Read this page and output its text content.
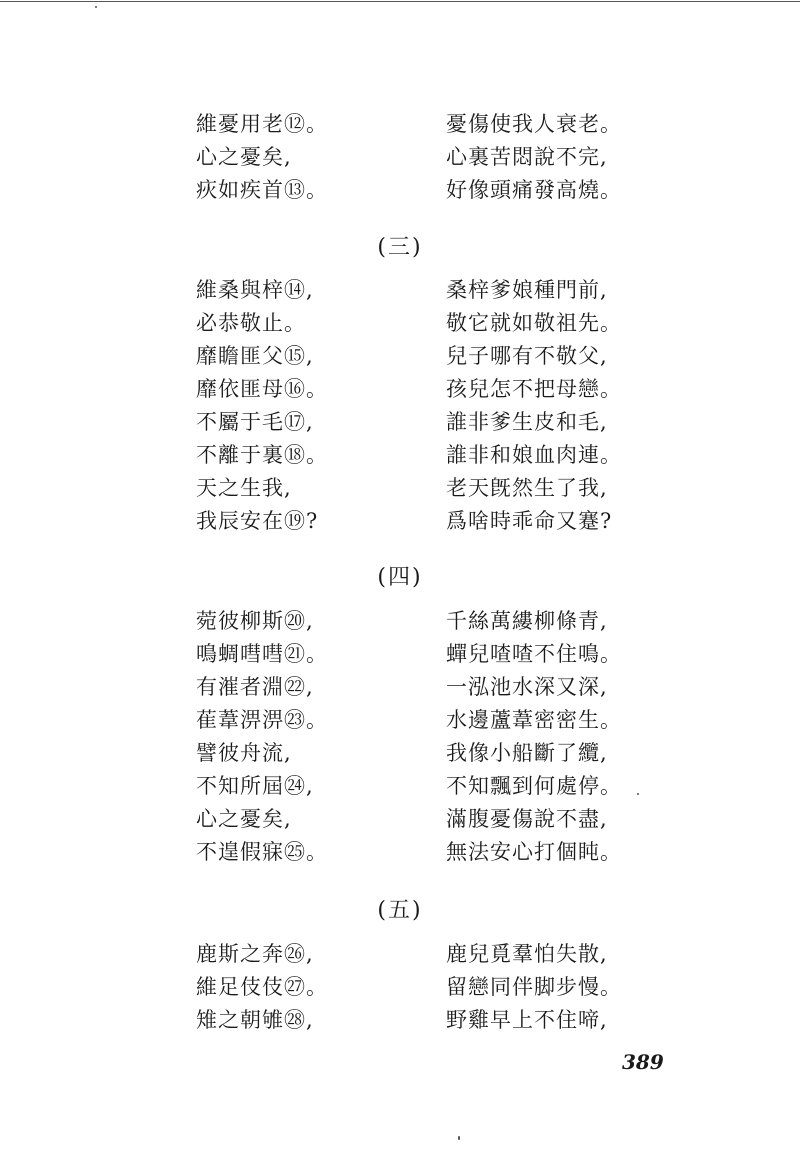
維憂用老⑫。	憂傷使我人衰老。
心之憂矣,	心裏苦悶說不完,
疢如疾首⑬。	好像頭痛發高燒。
(三)
維桑與梓⑭,	桑梓爹娘種門前,
必恭敬止。	敬它就如敬祖先。
靡瞻匪父⑮,	兒子哪有不敬父,
靡依匪母⑯。	孩兒怎不把母戀。
不屬于毛⑰,	誰非爹生皮和毛,
不離于裏⑱。	誰非和娘血肉連。
天之生我,	老天旣然生了我,
我辰安在⑲?	爲啥時乖命又蹇?
(四)
菀彼柳斯⑳,	千絲萬縷柳條青,
鳴蜩嘒嘒㉑。	蟬兒喳喳不住鳴。
有漼者淵㉒,	一泓池水深又深,
萑葦淠淠㉓。	水邊蘆葦密密生。
譬彼舟流,	我像小船斷了纜,
不知所屆㉔,	不知飄到何處停。
心之憂矣,	滿腹憂傷說不盡,
不遑假寐㉕。	無法安心打個盹。
(五)
鹿斯之奔㉖,	鹿兒覓羣怕失散,
維足伎伎㉗。	留戀同伴脚步慢。
雉之朝雊㉘,	野雞早上不住啼,
389
